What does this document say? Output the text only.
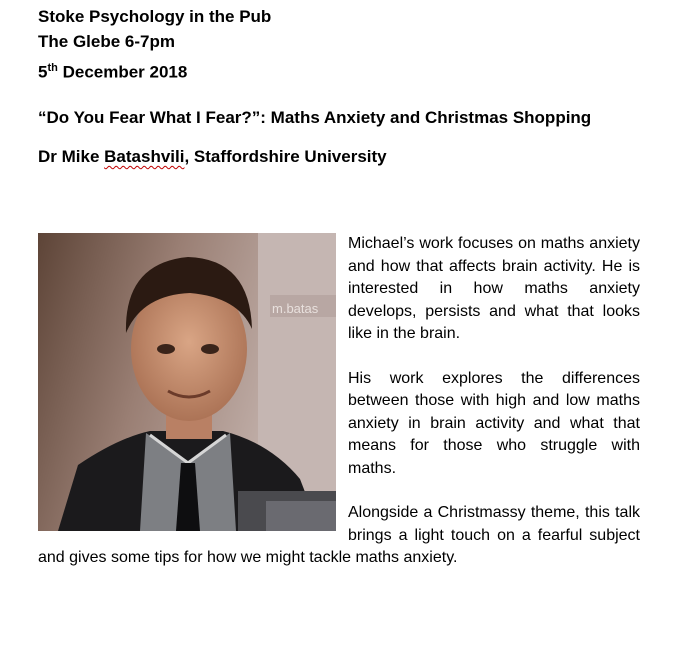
Stoke Psychology in the Pub
The Glebe 6-7pm
5th December 2018
“Do You Fear What I Fear?”: Maths Anxiety and Christmas Shopping
Dr Mike Batashvili, Staffordshire University
m.batas

Michael’s work focuses on maths anxiety and how that affects brain activity. He is interested in how maths anxiety develops, persists and what that looks like in the brain.

His work explores the differences between those with high and low maths anxiety in brain activity and what that means for those who struggle with maths.

Alongside a Christmassy theme, this talk brings a light touch on a fearful subject and gives some tips for how we might tackle maths anxiety.
